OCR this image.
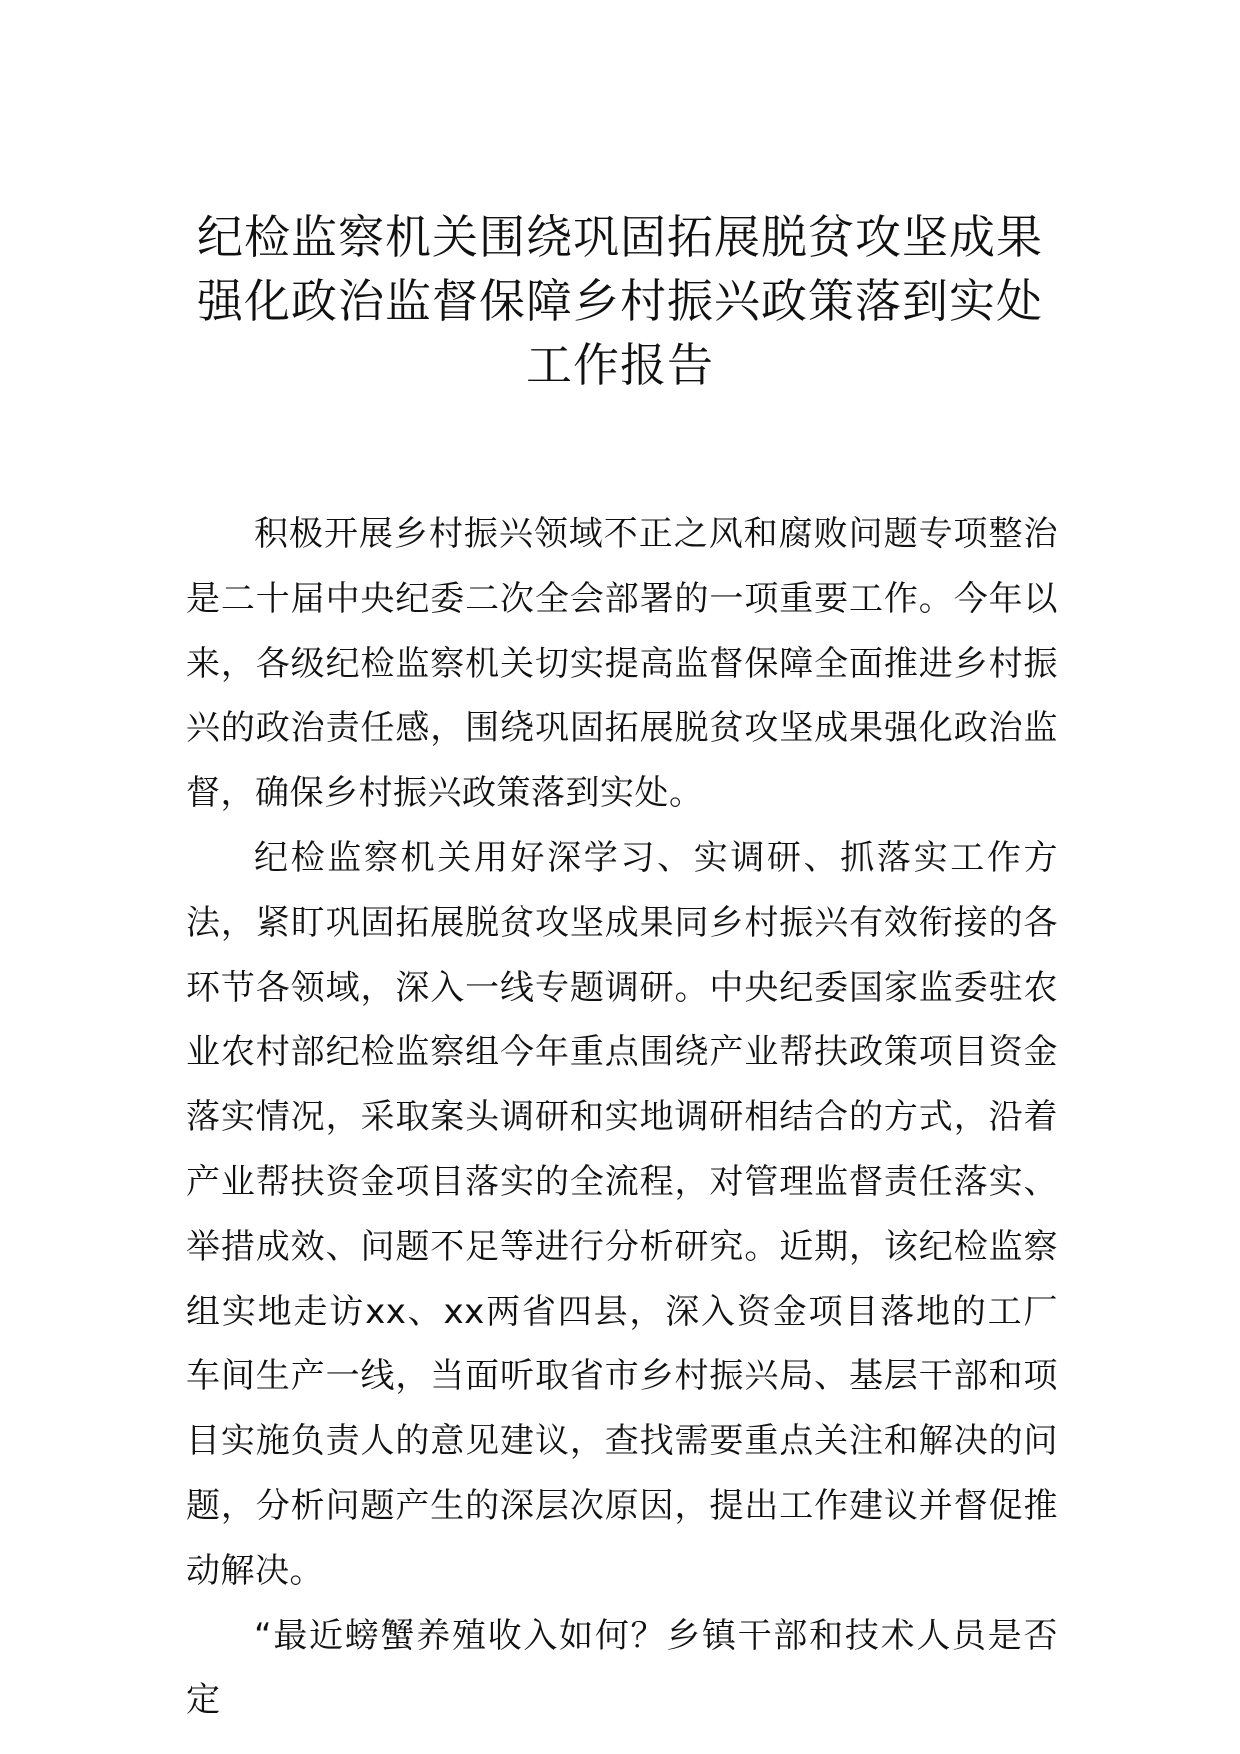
纪检监察机关围绕巩固拓展脱贫攻坚成果
强化政治监督保障乡村振兴政策落到实处
工作报告

积极开展乡村振兴领域不正之风和腐败问题专项整治是二十届中央纪委二次全会部署的一项重要工作。今年以来，各级纪检监察机关切实提高监督保障全面推进乡村振兴的政治责任感，围绕巩固拓展脱贫攻坚成果强化政治监督，确保乡村振兴政策落到实处。

纪检监察机关用好深学习、实调研、抓落实工作方法，紧盯巩固拓展脱贫攻坚成果同乡村振兴有效衔接的各环节各领域，深入一线专题调研。中央纪委国家监委驻农业农村部纪检监察组今年重点围绕产业帮扶政策项目资金落实情况，采取案头调研和实地调研相结合的方式，沿着产业帮扶资金项目落实的全流程，对管理监督责任落实、举措成效、问题不足等进行分析研究。近期，该纪检监察组实地走访xx、xx两省四县，深入资金项目落地的工厂车间生产一线，当面听取省市乡村振兴局、基层干部和项目实施负责人的意见建议，查找需要重点关注和解决的问题，分析问题产生的深层次原因，提出工作建议并督促推动解决。

“最近螃蟹养殖收入如何？乡镇干部和技术人员是否定
